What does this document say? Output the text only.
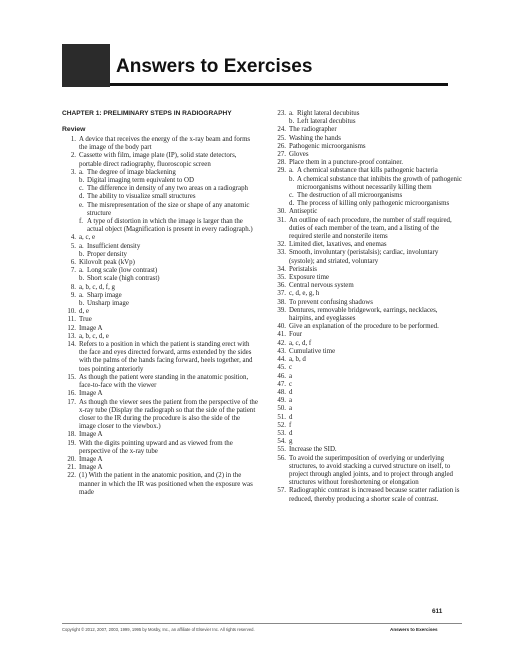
Answers to Exercises
CHAPTER 1: PRELIMINARY STEPS IN RADIOGRAPHY
Review
1. A device that receives the energy of the x-ray beam and forms the image of the body part
2. Cassette with film, image plate (IP), solid state detectors, portable direct radiography, fluoroscopic screen
3. a. The degree of image blackening
b. Digital imaging term equivalent to OD
c. The difference in density of any two areas on a radiograph
d. The ability to visualize small structures
e. The misrepresentation of the size or shape of any anatomic structure
f. A type of distortion in which the image is larger than the actual object (Magnification is present in every radiograph.)
4. a, c, e
5. a. Insufficient density
b. Proper density
6. Kilovolt peak (kVp)
7. a. Long scale (low contrast)
b. Short scale (high contrast)
8. a, b, c, d, f, g
9. a. Sharp image
b. Unsharp image
10. d, e
11. True
12. Image A
13. a, b, c, d, e
14. Refers to a position in which the patient is standing erect with the face and eyes directed forward, arms extended by the sides with the palms of the hands facing forward, heels together, and toes pointing anteriorly
15. As though the patient were standing in the anatomic position, face-to-face with the viewer
16. Image A
17. As though the viewer sees the patient from the perspective of the x-ray tube (Display the radiograph so that the side of the patient closer to the IR during the procedure is also the side of the image closer to the viewbox.)
18. Image A
19. With the digits pointing upward and as viewed from the perspective of the x-ray tube
20. Image A
21. Image A
22. (1) With the patient in the anatomic position, and (2) in the manner in which the IR was positioned when the exposure was made
23. a. Right lateral decubitus
b. Left lateral decubitus
24. The radiographer
25. Washing the hands
26. Pathogenic microorganisms
27. Gloves
28. Place them in a puncture-proof container.
29. a. A chemical substance that kills pathogenic bacteria
b. A chemical substance that inhibits the growth of pathogenic microorganisms without necessarily killing them
c. The destruction of all microorganisms
d. The process of killing only pathogenic microorganisms
30. Antiseptic
31. An outline of each procedure, the number of staff required, duties of each member of the team, and a listing of the required sterile and nonsterile items
32. Limited diet, laxatives, and enemas
33. Smooth, involuntary (peristalsis); cardiac, involuntary (systole); and striated, voluntary
34. Peristalsis
35. Exposure time
36. Central nervous system
37. c, d, e, g, h
38. To prevent confusing shadows
39. Dentures, removable bridgework, earrings, necklaces, hairpins, and eyeglasses
40. Give an explanation of the procedure to be performed.
41. Four
42. a, c, d, f
43. Cumulative time
44. a, b, d
45. c
46. a
47. c
48. d
49. a
50. a
51. d
52. f
53. d
54. g
55. Increase the SID.
56. To avoid the superimposition of overlying or underlying structures, to avoid stacking a curved structure on itself, to project through angled joints, and to project through angled structures without foreshortening or elongation
57. Radiographic contrast is increased because scatter radiation is reduced, thereby producing a shorter scale of contrast.
611
Copyright © 2012, 2007, 2003, 1999, 1995 by Mosby, Inc., an affiliate of Elsevier Inc. All rights reserved.	Answers to Exercises
